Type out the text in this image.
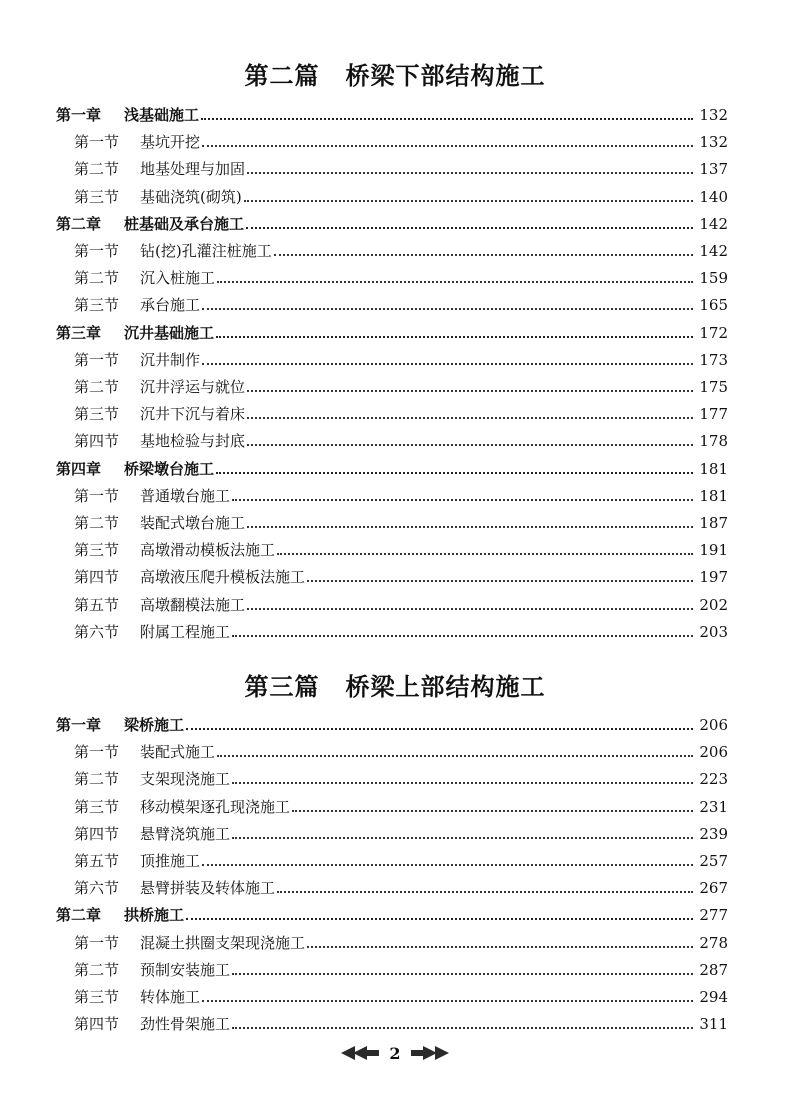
第二篇 桥梁下部结构施工
第一章	浅基础施工	132
第一节	基坑开挖	132
第二节	地基处理与加固	137
第三节	基础浇筑(砌筑)	140
第二章	桩基础及承台施工	142
第一节	钻(挖)孔灌注桩施工	142
第二节	沉入桩施工	159
第三节	承台施工	165
第三章	沉井基础施工	172
第一节	沉井制作	173
第二节	沉井浮运与就位	175
第三节	沉井下沉与着床	177
第四节	基地检验与封底	178
第四章	桥梁墩台施工	181
第一节	普通墩台施工	181
第二节	装配式墩台施工	187
第三节	高墩滑动模板法施工	191
第四节	高墩液压爬升模板法施工	197
第五节	高墩翻模法施工	202
第六节	附属工程施工	203
第三篇 桥梁上部结构施工
第一章	梁桥施工	206
第一节	装配式施工	206
第二节	支架现浇施工	223
第三节	移动模架逐孔现浇施工	231
第四节	悬臂浇筑施工	239
第五节	顶推施工	257
第六节	悬臂拼装及转体施工	267
第二章	拱桥施工	277
第一节	混凝土拱圈支架现浇施工	278
第二节	预制安装施工	287
第三节	转体施工	294
第四节	劲性骨架施工	311
2
